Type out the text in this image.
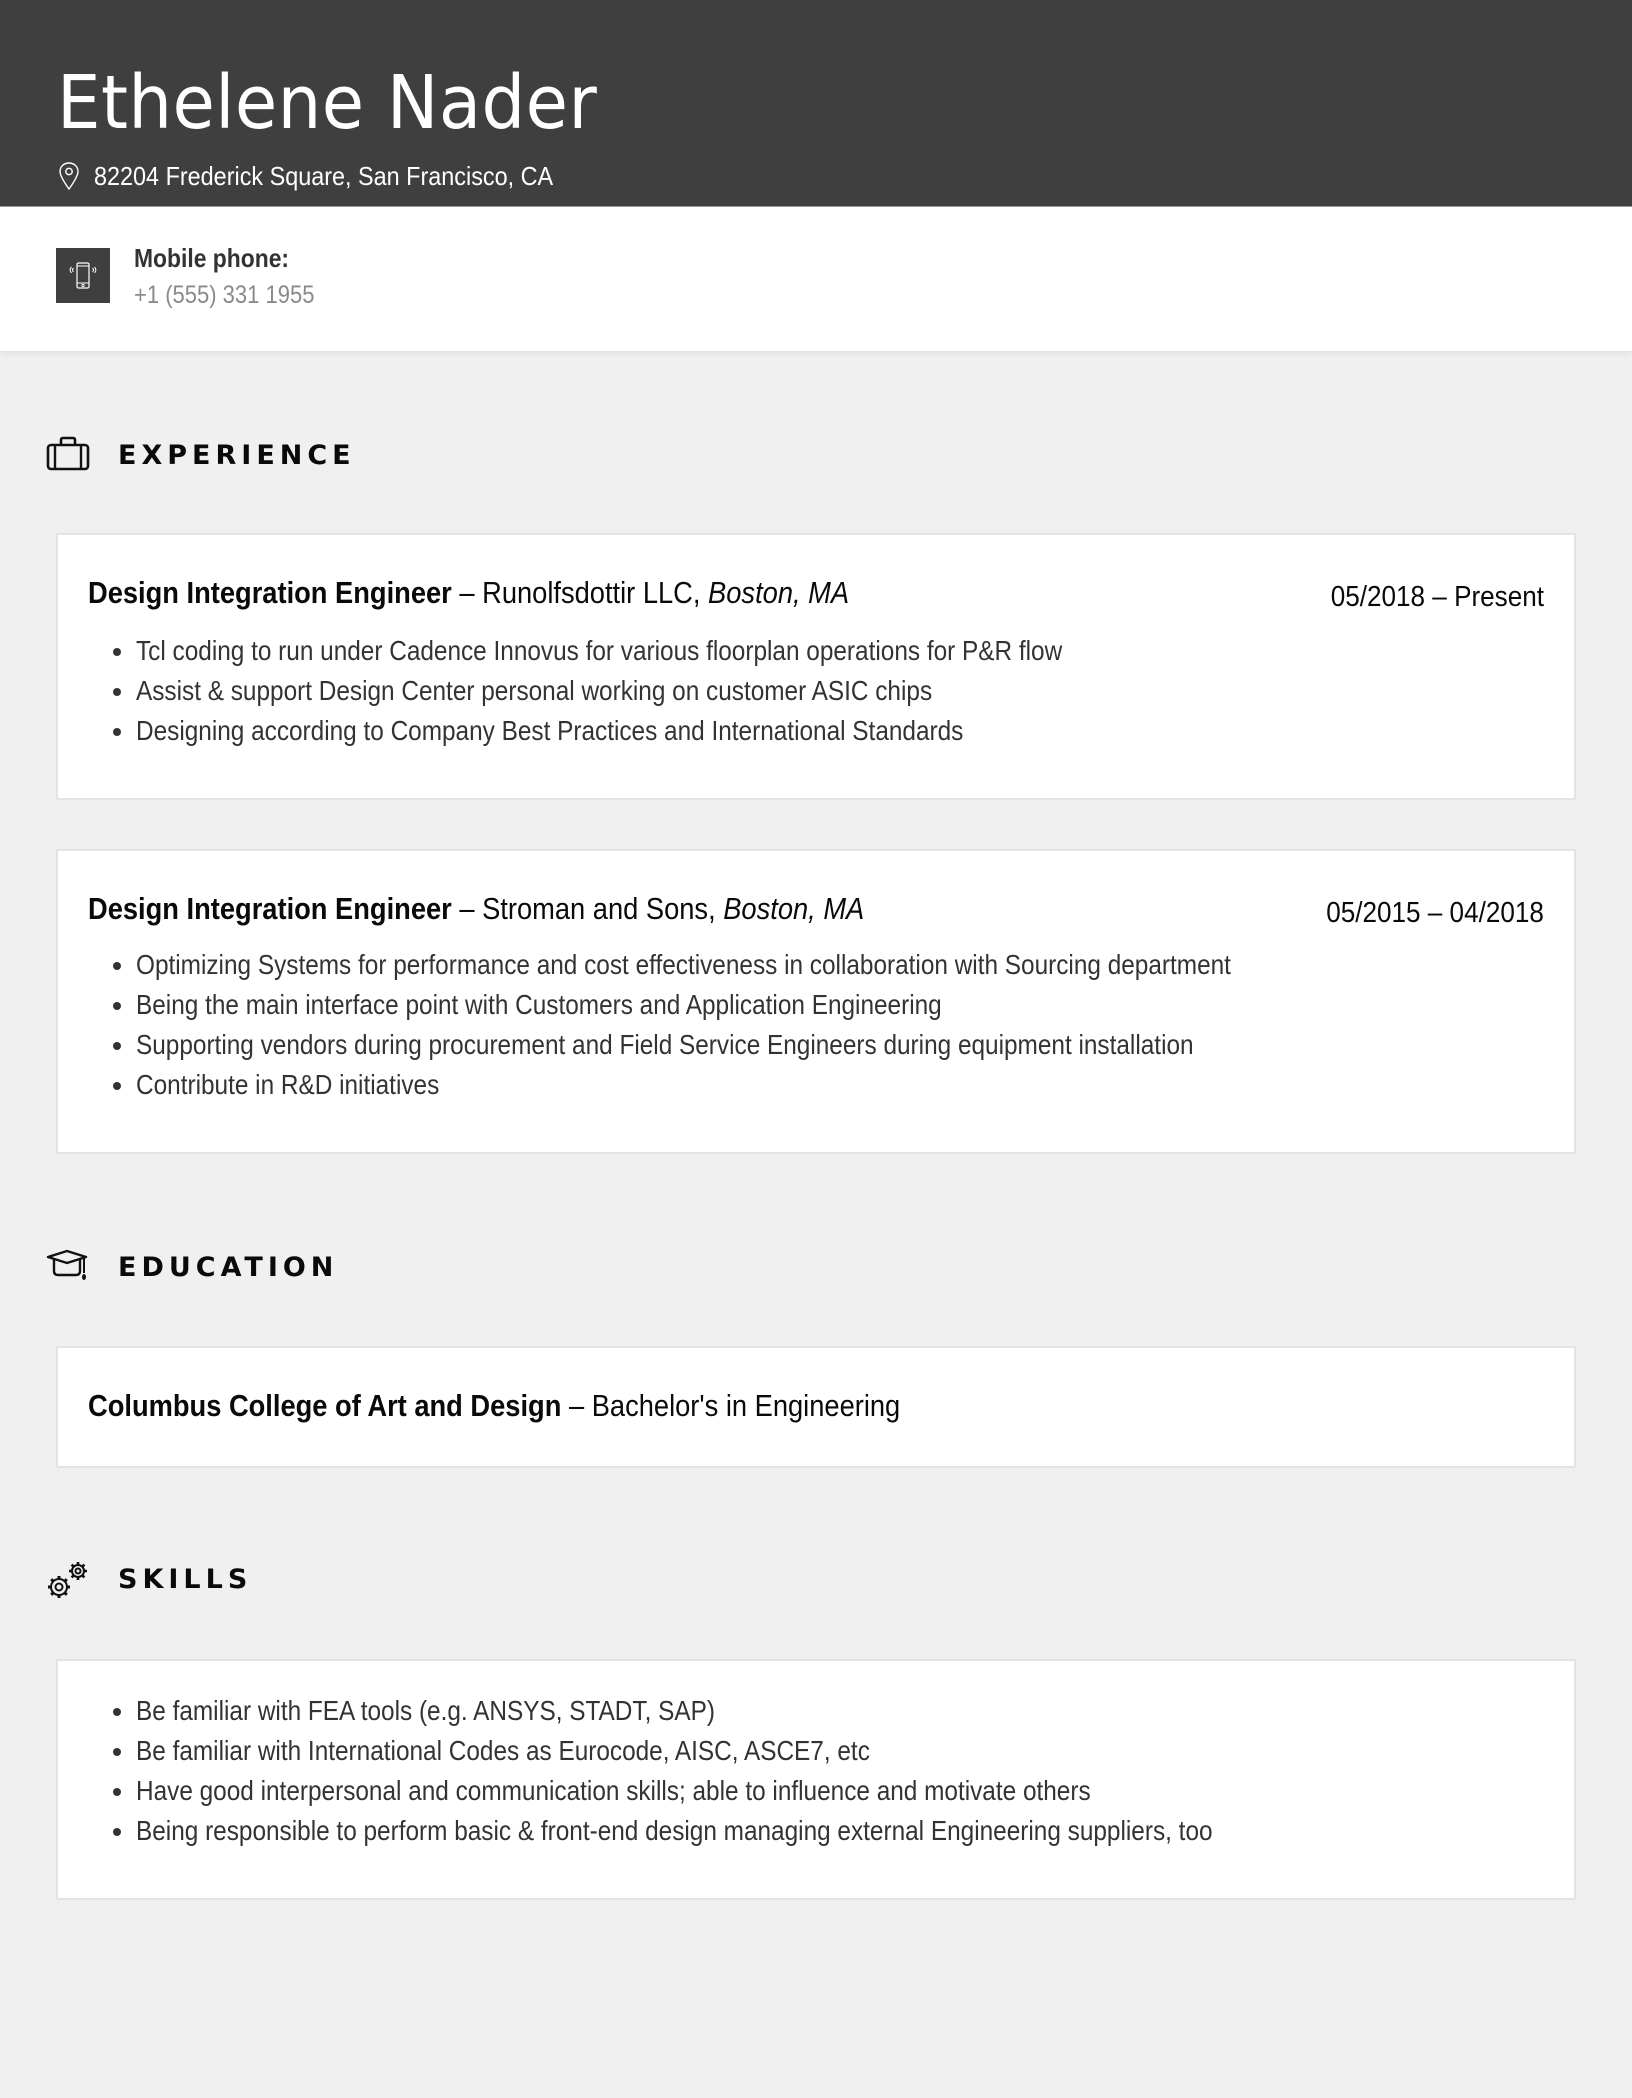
Ethelene Nader
82204 Frederick Square, San Francisco, CA
Mobile phone:
+1 (555) 331 1955
EXPERIENCE
Design Integration Engineer – Runolfsdottir LLC, Boston, MA	05/2018 – Present
Tcl coding to run under Cadence Innovus for various floorplan operations for P&R flow
Assist & support Design Center personal working on customer ASIC chips
Designing according to Company Best Practices and International Standards
Design Integration Engineer – Stroman and Sons, Boston, MA	05/2015 – 04/2018
Optimizing Systems for performance and cost effectiveness in collaboration with Sourcing department
Being the main interface point with Customers and Application Engineering
Supporting vendors during procurement and Field Service Engineers during equipment installation
Contribute in R&D initiatives
EDUCATION
Columbus College of Art and Design – Bachelor's in Engineering
SKILLS
Be familiar with FEA tools (e.g. ANSYS, STADT, SAP)
Be familiar with International Codes as Eurocode, AISC, ASCE7, etc
Have good interpersonal and communication skills; able to influence and motivate others
Being responsible to perform basic & front-end design managing external Engineering suppliers, too
